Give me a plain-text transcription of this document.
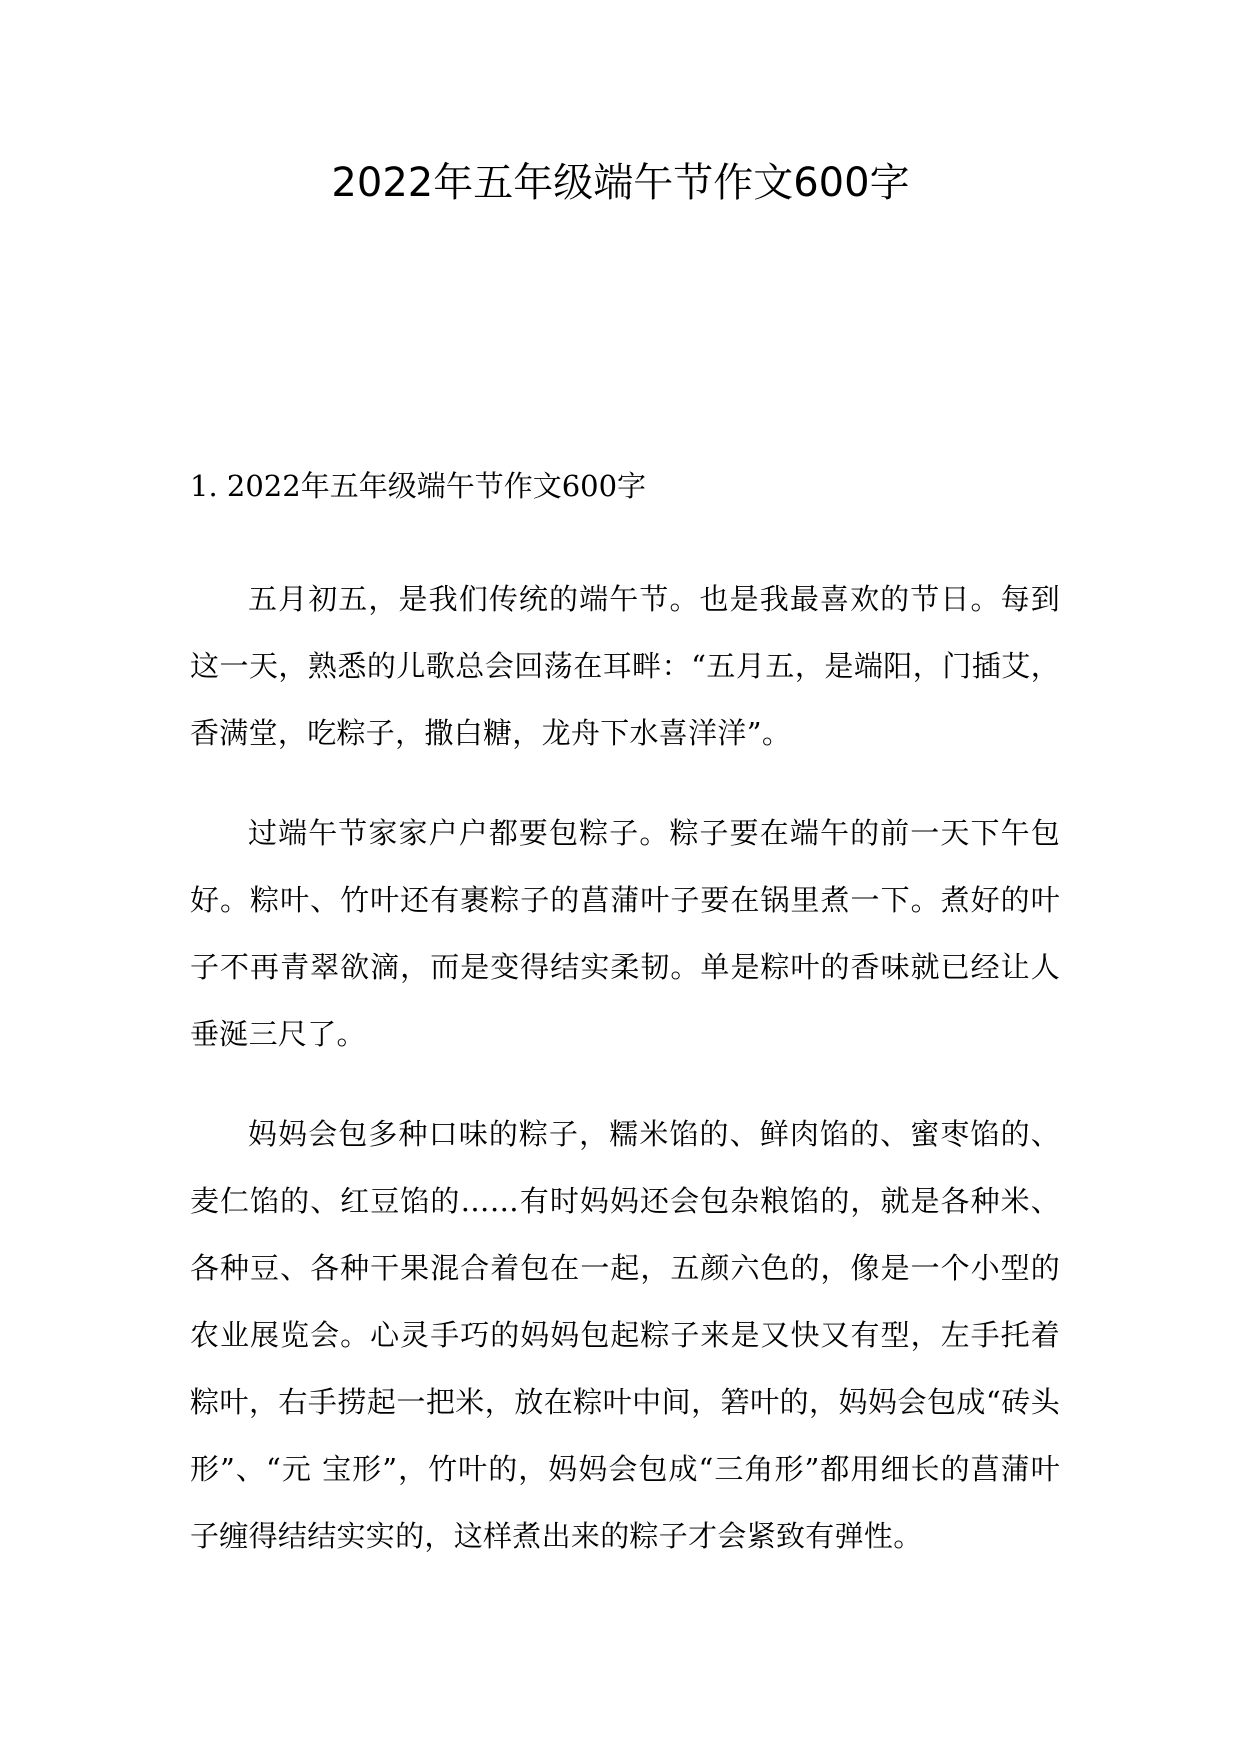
2022年五年级端午节作文600字
1. 2022年五年级端午节作文600字

五月初五，是我们传统的端午节。也是我最喜欢的节日。每到这一天，熟悉的儿歌总会回荡在耳畔：“五月五，是端阳，门插艾，香满堂，吃粽子，撒白糖，龙舟下水喜洋洋”。

过端午节家家户户都要包粽子。粽子要在端午的前一天下午包好。粽叶、竹叶还有裹粽子的菖蒲叶子要在锅里煮一下。煮好的叶子不再青翠欲滴，而是变得结实柔韧。单是粽叶的香味就已经让人垂涎三尺了。

妈妈会包多种口味的粽子，糯米馅的、鲜肉馅的、蜜枣馅的、麦仁馅的、红豆馅的……有时妈妈还会包杂粮馅的，就是各种米、各种豆、各种干果混合着包在一起，五颜六色的，像是一个小型的农业展览会。心灵手巧的妈妈包起粽子来是又快又有型，左手托着粽叶，右手捞起一把米，放在粽叶中间，箬叶的，妈妈会包成“砖头形”、“元 宝形”，竹叶的，妈妈会包成“三角形”都用细长的菖蒲叶子缠得结结实实的，这样煮出来的粽子才会紧致有弹性。
